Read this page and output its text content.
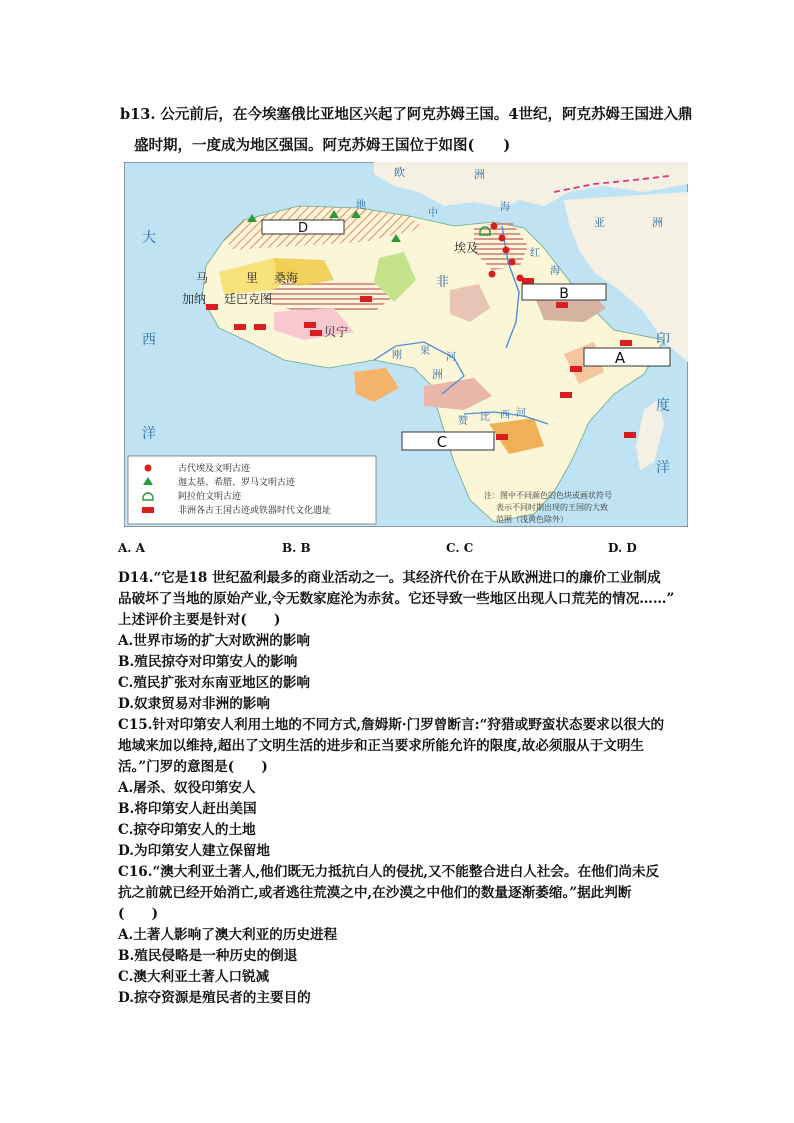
b13. 公元前后，在今埃塞俄比亚地区兴起了阿克苏姆王国。4世纪，阿克苏姆王国进入鼎
盛时期，一度成为地区强国。阿克苏姆王国位于如图(　　)
大
西
洋
印
度
洋
欧	洲
亚	洲
地
中
海
非
洲
红
海
刚 果
河
赞 比 西 河
马	里 桑海
加纳 廷巴克图
贝宁
埃及
D
B
A
C
古代埃及文明古迹
迦太基、希腊、罗马文明古迹
阿拉伯文明古迹
非洲各古王国古迹或铁器时代文化遗址
注：图中不同颜色的色块或画状符号
表示不同时期出现的王国的大致
范围（浅黄色除外）
A. A	B. B	C. C	D. D
D14.“它是18 世纪盈利最多的商业活动之一。其经济代价在于从欧洲进口的廉价工业制成
品破坏了当地的原始产业,令无数家庭沦为赤贫。它还导致一些地区出现人口荒芜的情况……”
上述评价主要是针对(　　)
A.世界市场的扩大对欧洲的影响
B.殖民掠夺对印第安人的影响
C.殖民扩张对东南亚地区的影响
D.奴隶贸易对非洲的影响
C15.针对印第安人利用土地的不同方式,詹姆斯·门罗曾断言:“狩猎或野蛮状态要求以很大的
地域来加以维持,超出了文明生活的进步和正当要求所能允许的限度,故必须服从于文明生
活。”门罗的意图是(　　)
A.屠杀、奴役印第安人
B.将印第安人赶出美国
C.掠夺印第安人的土地
D.为印第安人建立保留地
C16.“澳大利亚土著人,他们既无力抵抗白人的侵扰,又不能整合进白人社会。在他们尚未反
抗之前就已经开始消亡,或者逃往荒漠之中,在沙漠之中他们的数量逐渐萎缩。”据此判断
(　　)
A.土著人影响了澳大利亚的历史进程
B.殖民侵略是一种历史的倒退
C.澳大利亚土著人口锐减
D.掠夺资源是殖民者的主要目的
